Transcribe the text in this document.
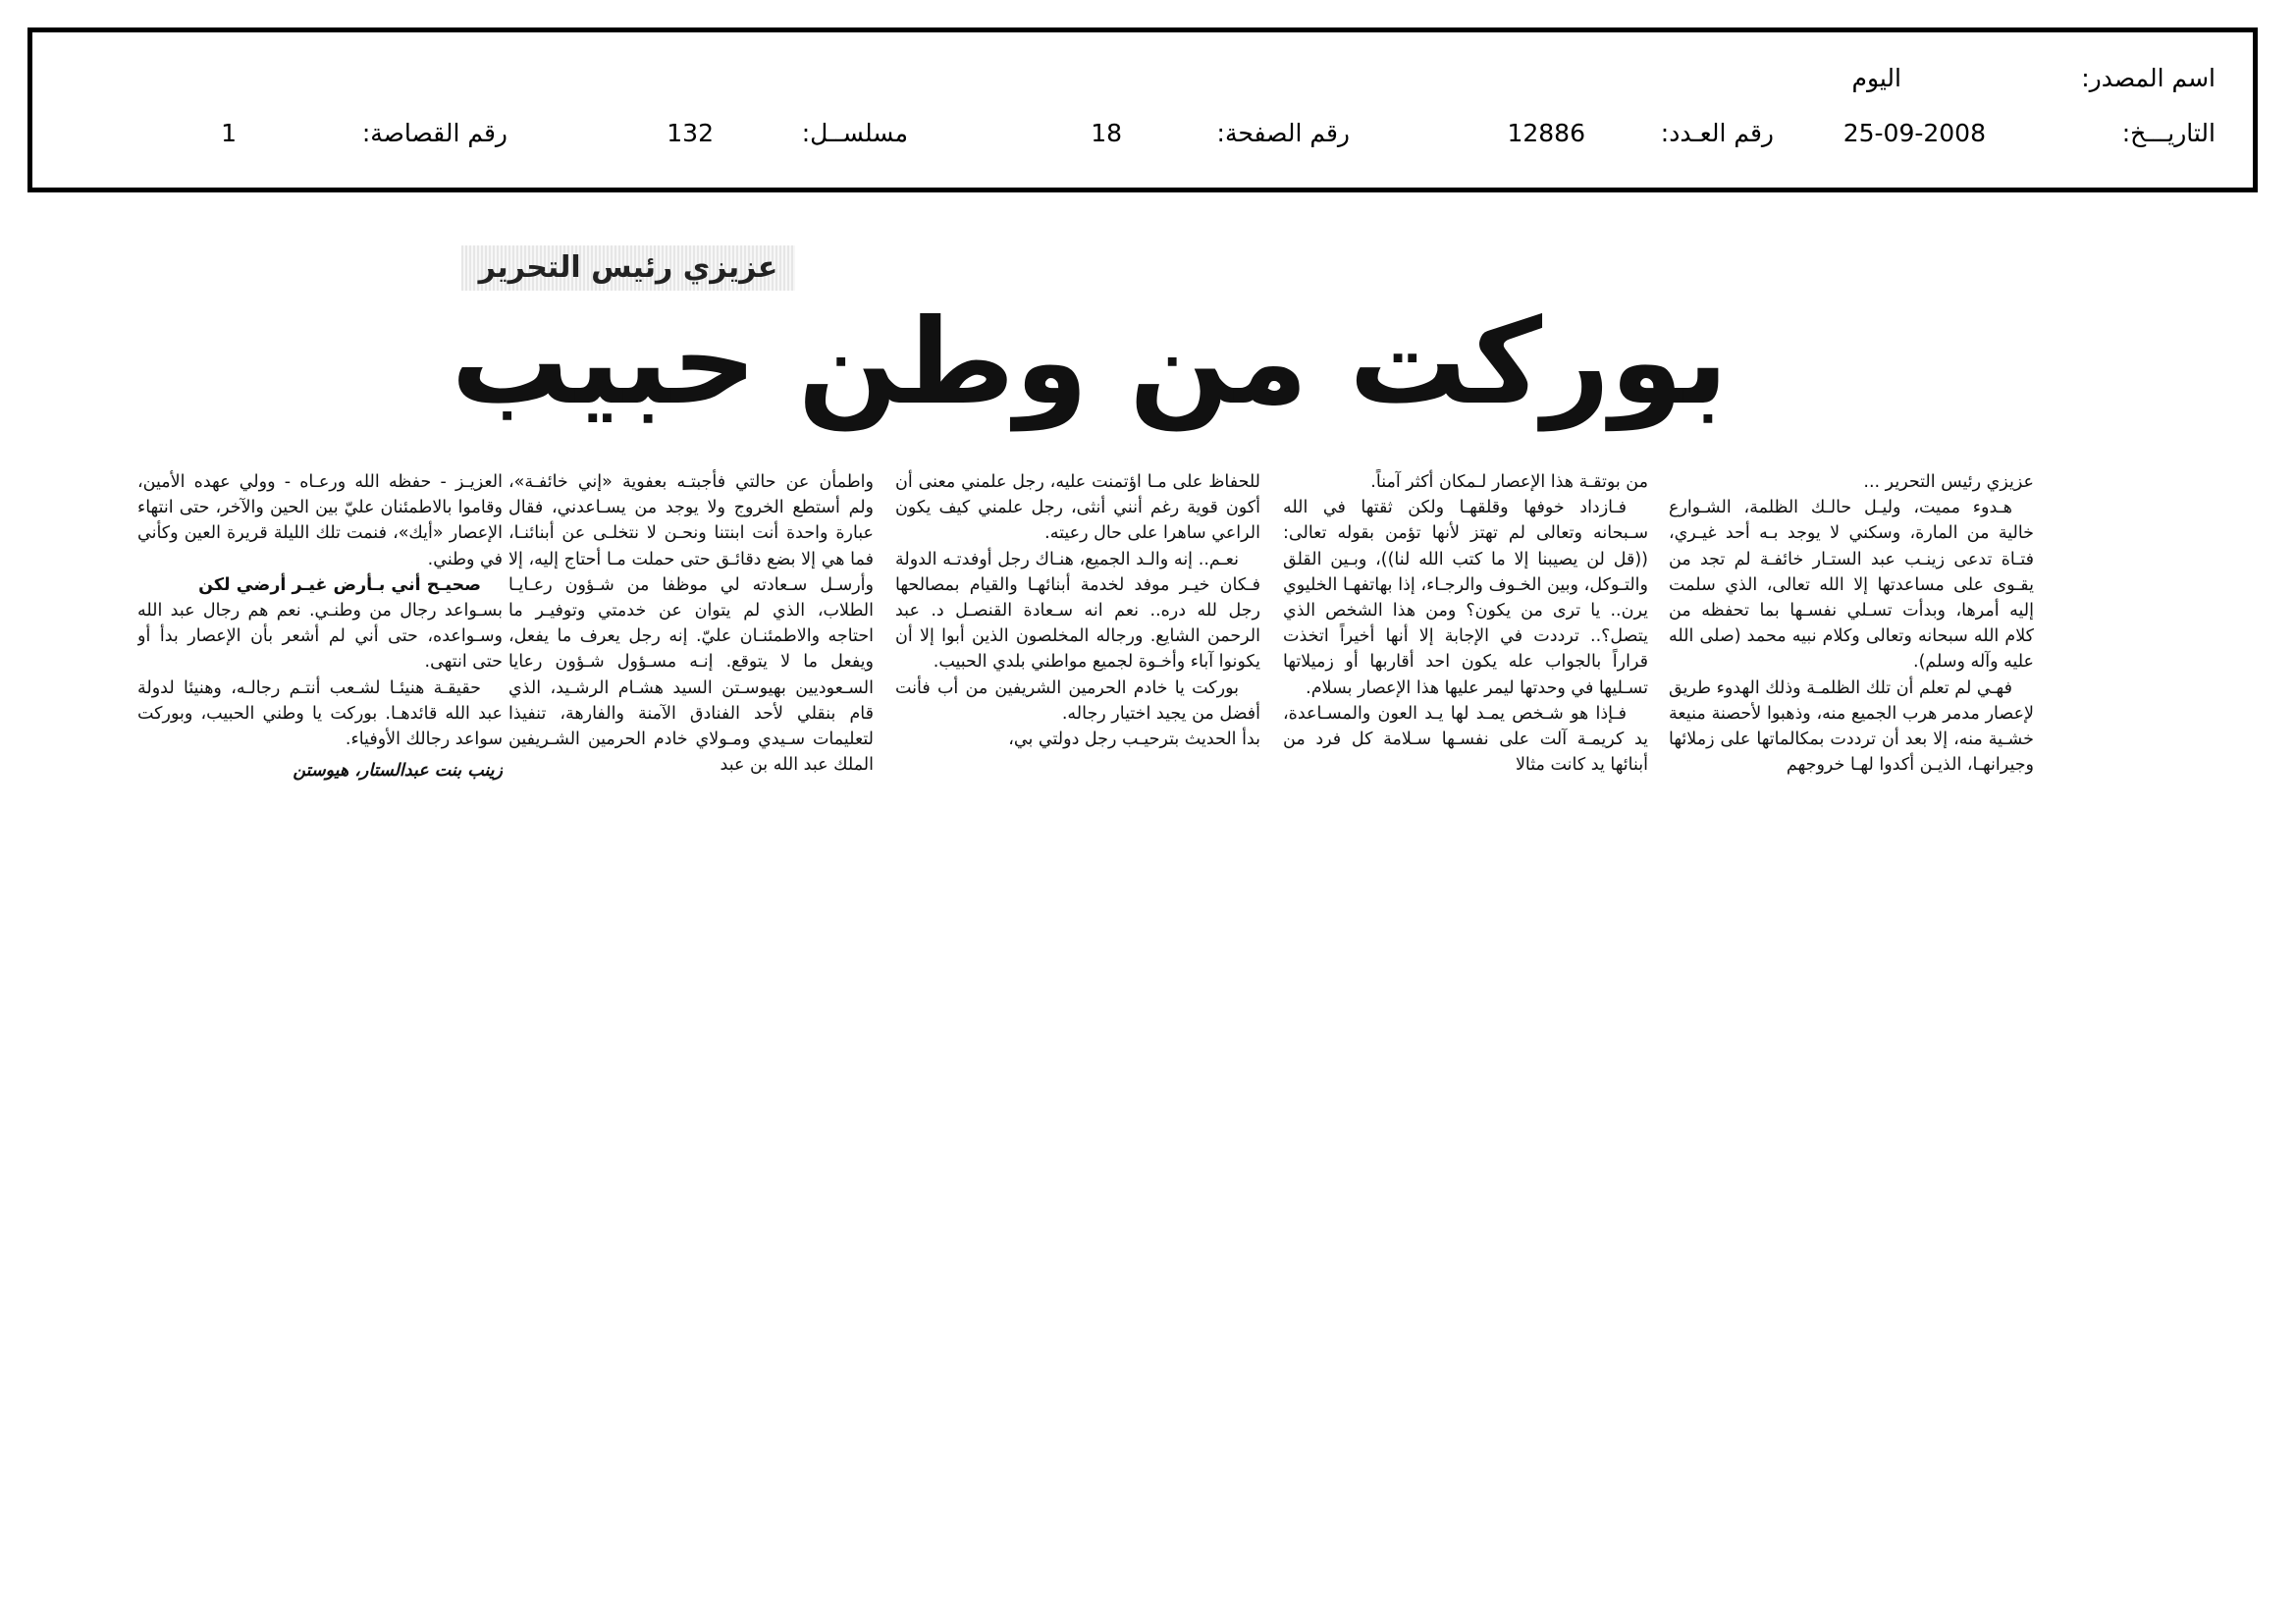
اسم المصدر:
اليوم
التاريـــخ:
25-09-2008
رقم العـدد:
12886
رقم الصفحة:
18
مسلســل:
132
رقم القصاصة:
1
عزيزي رئيس التحرير
بوركت من وطن حبيب

عزيزي رئيس التحرير ...

هـدوء مميت، وليـل حالـك الظلمة، الشـوارع خالية من المارة، وسكني لا يوجد بـه أحد غيـري، فتـاة تدعى زينـب عبد الستـار خائفـة لم تجد من يقـوى على مساعدتها إلا الله تعالى، الذي سلمت إليه أمرها، وبدأت تسـلي نفسـها بما تحفظه من كلام الله سبحانه وتعالى وكلام نبيه محمد (صلى الله عليه وآله وسلم).

فهـي لم تعلم أن تلك الظلمـة وذلك الهدوء طريق لإعصار مدمر هرب الجميع منه، وذهبوا لأحصنة منيعة خشـية منه، إلا بعد أن ترددت بمكالماتها على زملائها وجيرانهـا، الذيـن أكدوا لهـا خروجهم

من بوتقـة هذا الإعصار لـمكان أكثر آمناً.

فـازداد خوفها وقلقهـا ولكن ثقتها في الله سـبحانه وتعالى لم تهتز لأنها تؤمن بقوله تعالى: ((قل لن يصيبنا إلا ما كتب الله لنا))، وبـين القلق والتـوكل، وبين الخـوف والرجـاء، إذا بهاتفهـا الخليوي يرن.. يا ترى من يكون؟ ومن هذا الشخص الذي يتصل؟.. ترددت في الإجابة إلا أنها أخيراً اتخذت قراراً بالجواب عله يكون احد أقاربها أو زميلاتها تسـليها في وحدتها ليمر عليها هذا الإعصار بسلام.

فـإذا هو شـخص يمـد لها يـد العون والمسـاعدة، يد كريمـة آلت على نفسـها سـلامة كل فرد من أبنائها يد كانت مثالا

للحفاظ على مـا اؤتمنت عليه، رجل علمني معنى أن أكون قوية رغم أنني أنثى، رجل علمني كيف يكون الراعي ساهرا على حال رعيته.

نعـم.. إنه والـد الجميع، هنـاك رجل أوفدتـه الدولة فـكان خيـر موفد لخدمة أبنائهـا والقيام بمصالحها رجل لله دره.. نعم انه سـعادة القنصـل د. عبد الرحمن الشايع. ورجاله المخلصون الذين أبوا إلا أن يكونوا آباء وأخـوة لجميع مواطني بلدي الحبيب.

بوركت يا خادم الحرمين الشريفين من أب فأنت أفضل من يجيد اختيار رجاله.

بدأ الحديث بترحيـب رجل دولتي بي،

واطمأن عن حالتي فأجبتـه بعفوية «إني خائفـة»، ولم أستطع الخروج ولا يوجد من يسـاعدني، فقال عبارة واحدة أنت ابنتنا ونحـن لا نتخلـى عن أبنائنـا، فما هي إلا بضع دقائـق حتى حملت مـا أحتاج إليه، إلا وأرسـل سـعادته لي موظفا من شـؤون رعـايـا الطلاب، الذي لم يتوان عن خدمتي وتوفيـر ما احتاجه والاطمئنـان عليّ. إنه رجل يعرف ما يفعل، ويفعل ما لا يتوقع. إنـه مسـؤول شـؤون رعايا السـعوديين بهيوسـتن السيد هشـام الرشـيد، الذي قام بنقلي لأحد الفنادق الآمنة والفارهة، تنفيذا لتعليمات سـيدي ومـولاي خادم الحرمين الشـريفين الملك عبد الله بن عبد

العزيـز - حفظه الله ورعـاه - وولي عهده الأمين، وقاموا بالاطمئنان عليّ بين الحين والآخر، حتى انتهاء الإعصار «أيك»، فنمت تلك الليلة قريرة العين وكأني في وطني.

صحيـح أني بـأرض غيـر أرضي لكن

بسـواعد رجال من وطنـي. نعم هم رجال عبد الله وسـواعده، حتى أني لم أشعر بأن الإعصار بدأ أو حتى انتهى.

حقيقـة هنيئـا لشـعب أنتـم رجالـه، وهنيئا لدولة عبد الله قائدهـا. بوركت يا وطني الحبيب، وبوركت سواعد رجالك الأوفياء.

زينب بنت عبدالستار، هيوستن
